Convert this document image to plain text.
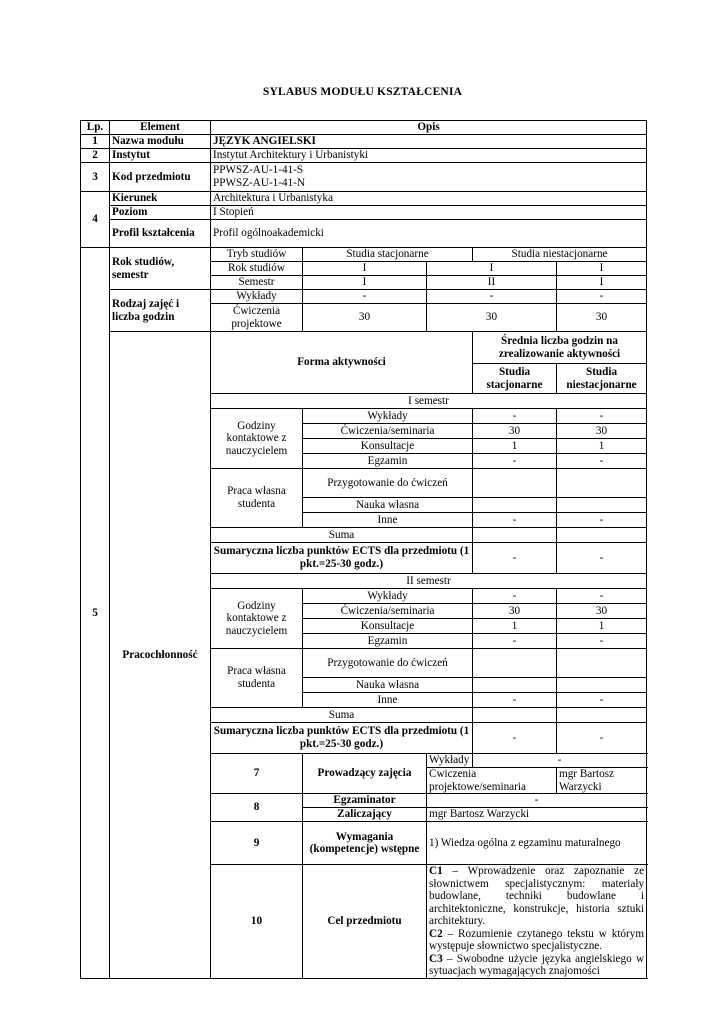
SYLABUS MODUŁU KSZTAŁCENIA
Lp.	Element	Opis					
1	Nazwa modułu	JĘZYK ANGIELSKI					
2	Instytut	Instytut Architektury i Urbanistyki					
3	Kod przedmiotu	PPWSZ-AU-1-41-S
PPWSZ-AU-1-41-N					

4	Kierunek	Architektura i Urbanistyka					
	Poziom	I Stopień					
	Profil kształcenia	Profil ogólnoakademicki					
5	Rok studiów, semestr	Tryb studiów	Studia stacjonarne		Studia niestacjonarne		
		Rok studiów	I	I		I	
		Semestr	I	II		I	
	Rodzaj zajęć i liczba godzin	Wykłady	-	-		-	
		Ćwiczenia projektowe	30	30		30	
	Pracochłonność	Forma aktywności			Średnia liczba godzin na zrealizowanie aktywności		
					Studia stacjonarne	Studia niestacjonarne	
		I semestr					
		Godziny kontaktowe z nauczycielem	Wykłady		-	-	
			Ćwiczenia/seminaria		30	30	
			Konsultacje		1	1	
			Egzamin		-	-	
		Praca własna studenta	Przygotowanie do ćwiczeń				
			Nauka własna				
			Inne		-	-	
		Suma					
		Sumaryczna liczba punktów ECTS dla przedmiotu (1 pkt.=25-30 godz.)			-	-	
		II semestr					
		Godziny kontaktowe z nauczycielem	Wykłady		-	-	
			Ćwiczenia/seminaria		30	30	
			Konsultacje		1	1	
			Egzamin		-	-	
		Praca własna studenta	Przygotowanie do ćwiczeń				
			Nauka własna				
			Inne		-	-	
		Suma					
		Sumaryczna liczba punktów ECTS dla przedmiotu (1 pkt.=25-30 godz.)			-	-	
		7	Prowadzący zajęcia	Wykłady	-		
				Ćwiczenia projektowe/seminaria		mgr Bartosz Warzycki	
		8	Egzaminator	-			
			Zaliczający	mgr Bartosz Warzycki			
		9	Wymagania (kompetencje) wstępne	1) Wiedza ogólna z egzaminu maturalnego			
		10	Cel przedmiotu	C1 – Wprowadzenie oraz zapoznanie ze słownictwem specjalistycznym: materiały budowlane, techniki budowlane i architektoniczne, konstrukcje, historia sztuki architektury.
C2 – Rozumienie czytanego tekstu w którym występuje słownictwo specjalistyczne.
C3 – Swobodne użycie języka angielskiego w sytuacjach wymagających znajomości			
